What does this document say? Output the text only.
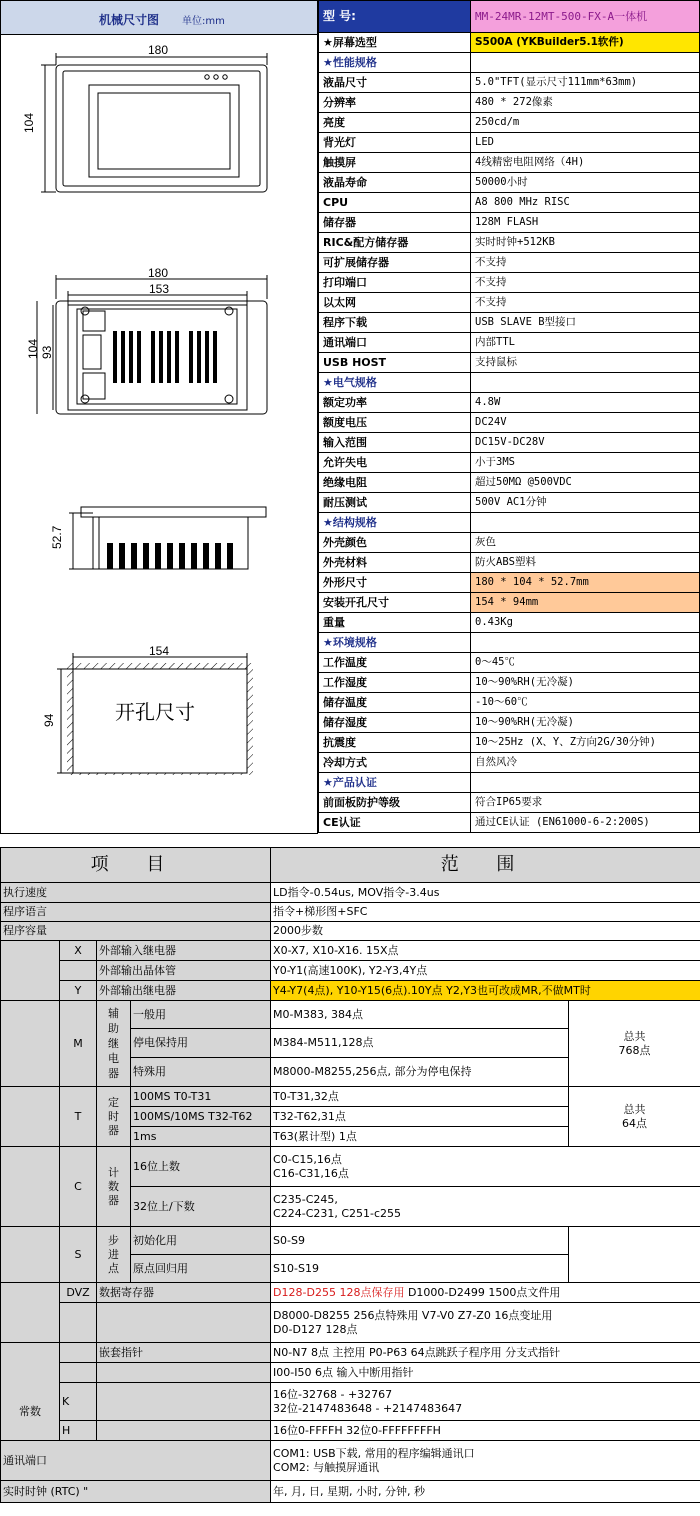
机械尺寸图 单位:mm
180
104
180
153
104 93
52.7
154
94	开孔尺寸
型 号:	MM-24MR-12MT-500-FX-A一体机
★屏幕选型	S500A (YKBuilder5.1软件)
★性能规格	
液晶尺寸	5.0"TFT(显示尺寸111mm*63mm)
分辨率	480 * 272像素
亮度	250cd/m
背光灯	LED
触摸屏	4线精密电阻网络（4H)
液晶寿命	50000小时
CPU	A8 800 MHz RISC
储存器	128M FLASH
RIC&配方储存器	实时时钟+512KB
可扩展储存器	不支持
打印端口	不支持
以太网	不支持
程序下载	USB SLAVE B型接口
通讯端口	内部TTL
USB HOST	支持鼠标
★电气规格	
额定功率	4.8W
额度电压	DC24V
输入范围	DC15V-DC28V
允许失电	小于3MS
绝缘电阻	超过50MΩ @500VDC
耐压测试	500V AC1分钟
★结构规格	
外壳颜色	灰色
外壳材料	防火ABS塑料
外形尺寸	180 * 104 * 52.7mm
安装开孔尺寸	154 * 94mm
重量	0.43Kg
★环境规格	
工作温度	0～45℃
工作湿度	10～90%RH(无冷凝)
储存温度	-10～60℃
储存湿度	10～90%RH(无冷凝)
抗震度	10～25Hz (X、Y、Z方向2G/30分钟)
冷却方式	自然风冷
★产品认证	
前面板防护等级	符合IP65要求
CE认证	通过CE认证 (EN61000-6-2:200S)
项 目				范 围	
执行速度				LD指令-0.54us, MOV指令-3.4us	
程序语言				指令+梯形图+SFC	
程序容量				2000步数	
	X	外部输入继电器		X0-X7, X10-X16. 15X点	
		外部输出晶体管		Y0-Y1(高速100K), Y2-Y3,4Y点	
	Y	外部输出继电器		Y4-Y7(4点), Y10-Y15(6点).10Y点 Y2,Y3也可改成MR,不做MT时	
	M	辅助继电器	一般用	M0-M383, 384点	总共
768点
			停电保持用	M384-M511,128点	
			特殊用	M8000-M8255,256点, 部分为停电保持	
	T	定时器	100MS T0-T31	T0-T31,32点	总共
64点
			100MS/10MS T32-T62	T32-T62,31点	
			1ms	T63(累计型) 1点	
	C	计数器	16位上数	C0-C15,16点
C16-C31,16点	
			32位上/下数	C235-C245,
C224-C231, C251-c255	
	S	步进点	初始化用	S0-S9	
			原点回归用	S10-S19	
	DVZ	数据寄存器		D128-D255 128点保存用 D1000-D2499 1500点文件用	
				D8000-D8255 256点特殊用 V7-V0 Z7-Z0 16点变址用
D0-D127 128点	
常数		嵌套指针		N0-N7 8点 主控用 P0-P63 64点跳跃子程序用 分支式指针	
				I00-I50 6点 输入中断用指针	
	K			16位-32768 - +32767
32位-2147483648 - +2147483647	
	H			16位0-FFFFH 32位0-FFFFFFFFH	
通讯端口				COM1: USB下载, 常用的程序编辑通讯口
COM2: 与触摸屏通讯	
实时时钟 (RTC) "				年, 月, 日, 星期, 小时, 分钟, 秒	
